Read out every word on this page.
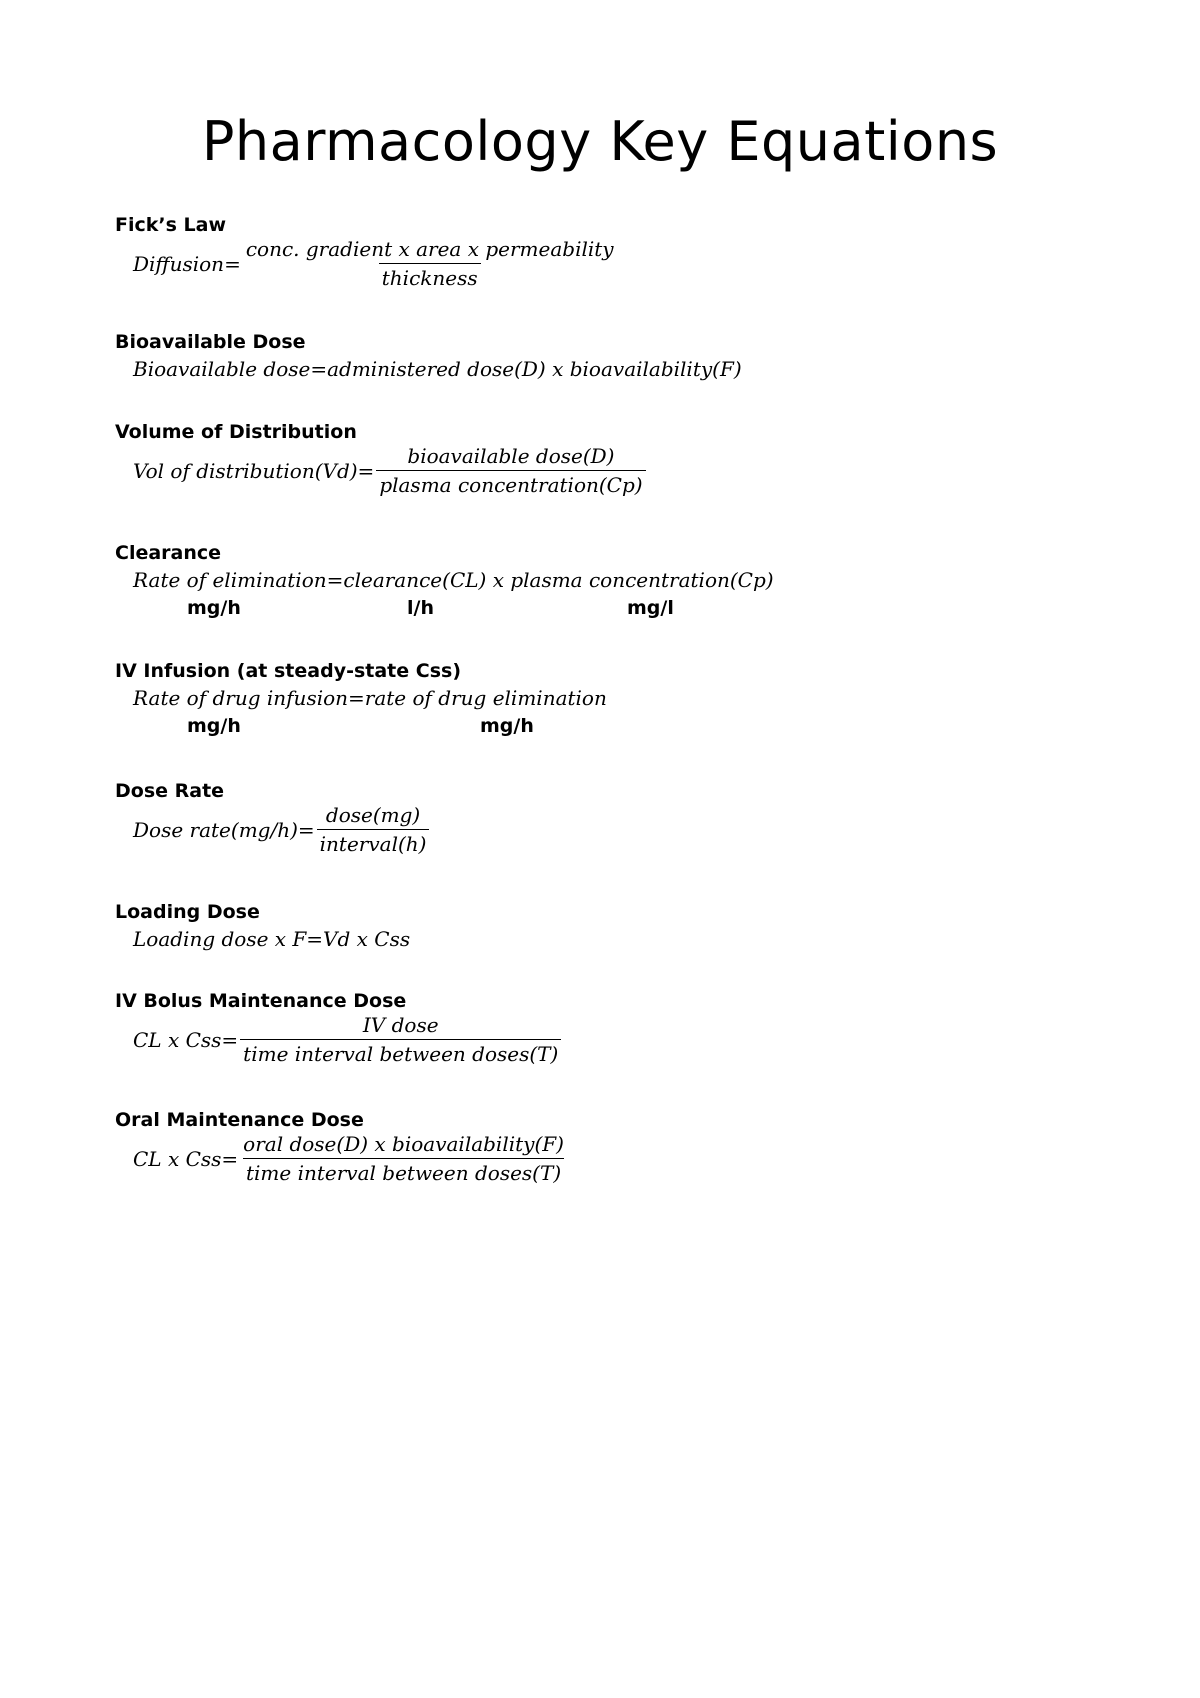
Pharmacology Key Equations
Fick’s Law
Diffusion= $\frac{\text{conc. gradient x area x permeability}}{\text{thickness}}$
Bioavailable Dose
Bioavailable dose=administered dose(D) x bioavailability(F)
Volume of Distribution
Vol of distribution(Vd)= $\frac{\text{bioavailable dose(D)}}{\text{plasma concentration(Cp)}}$
Clearance
Rate of elimination=clearance(CL) x plasma concentration(Cp)
mg/h	l/h	mg/l
IV Infusion (at steady-state Css)
Rate of drug infusion=rate of drug elimination
mg/h	mg/h
Dose Rate
Dose rate(mg/h)= $\frac{\text{dose(mg)}}{\text{interval(h)}}$
Loading Dose
Loading dose x F=Vd x Css
IV Bolus Maintenance Dose
CL x $Css= \frac{\text{IV dose}}{\text{time interval between doses(T)}}$
Oral Maintenance Dose
CL x $Css= \frac{\text{oral dose(D) x bioavailability(F)}}{\text{time interval between doses(T)}}$
